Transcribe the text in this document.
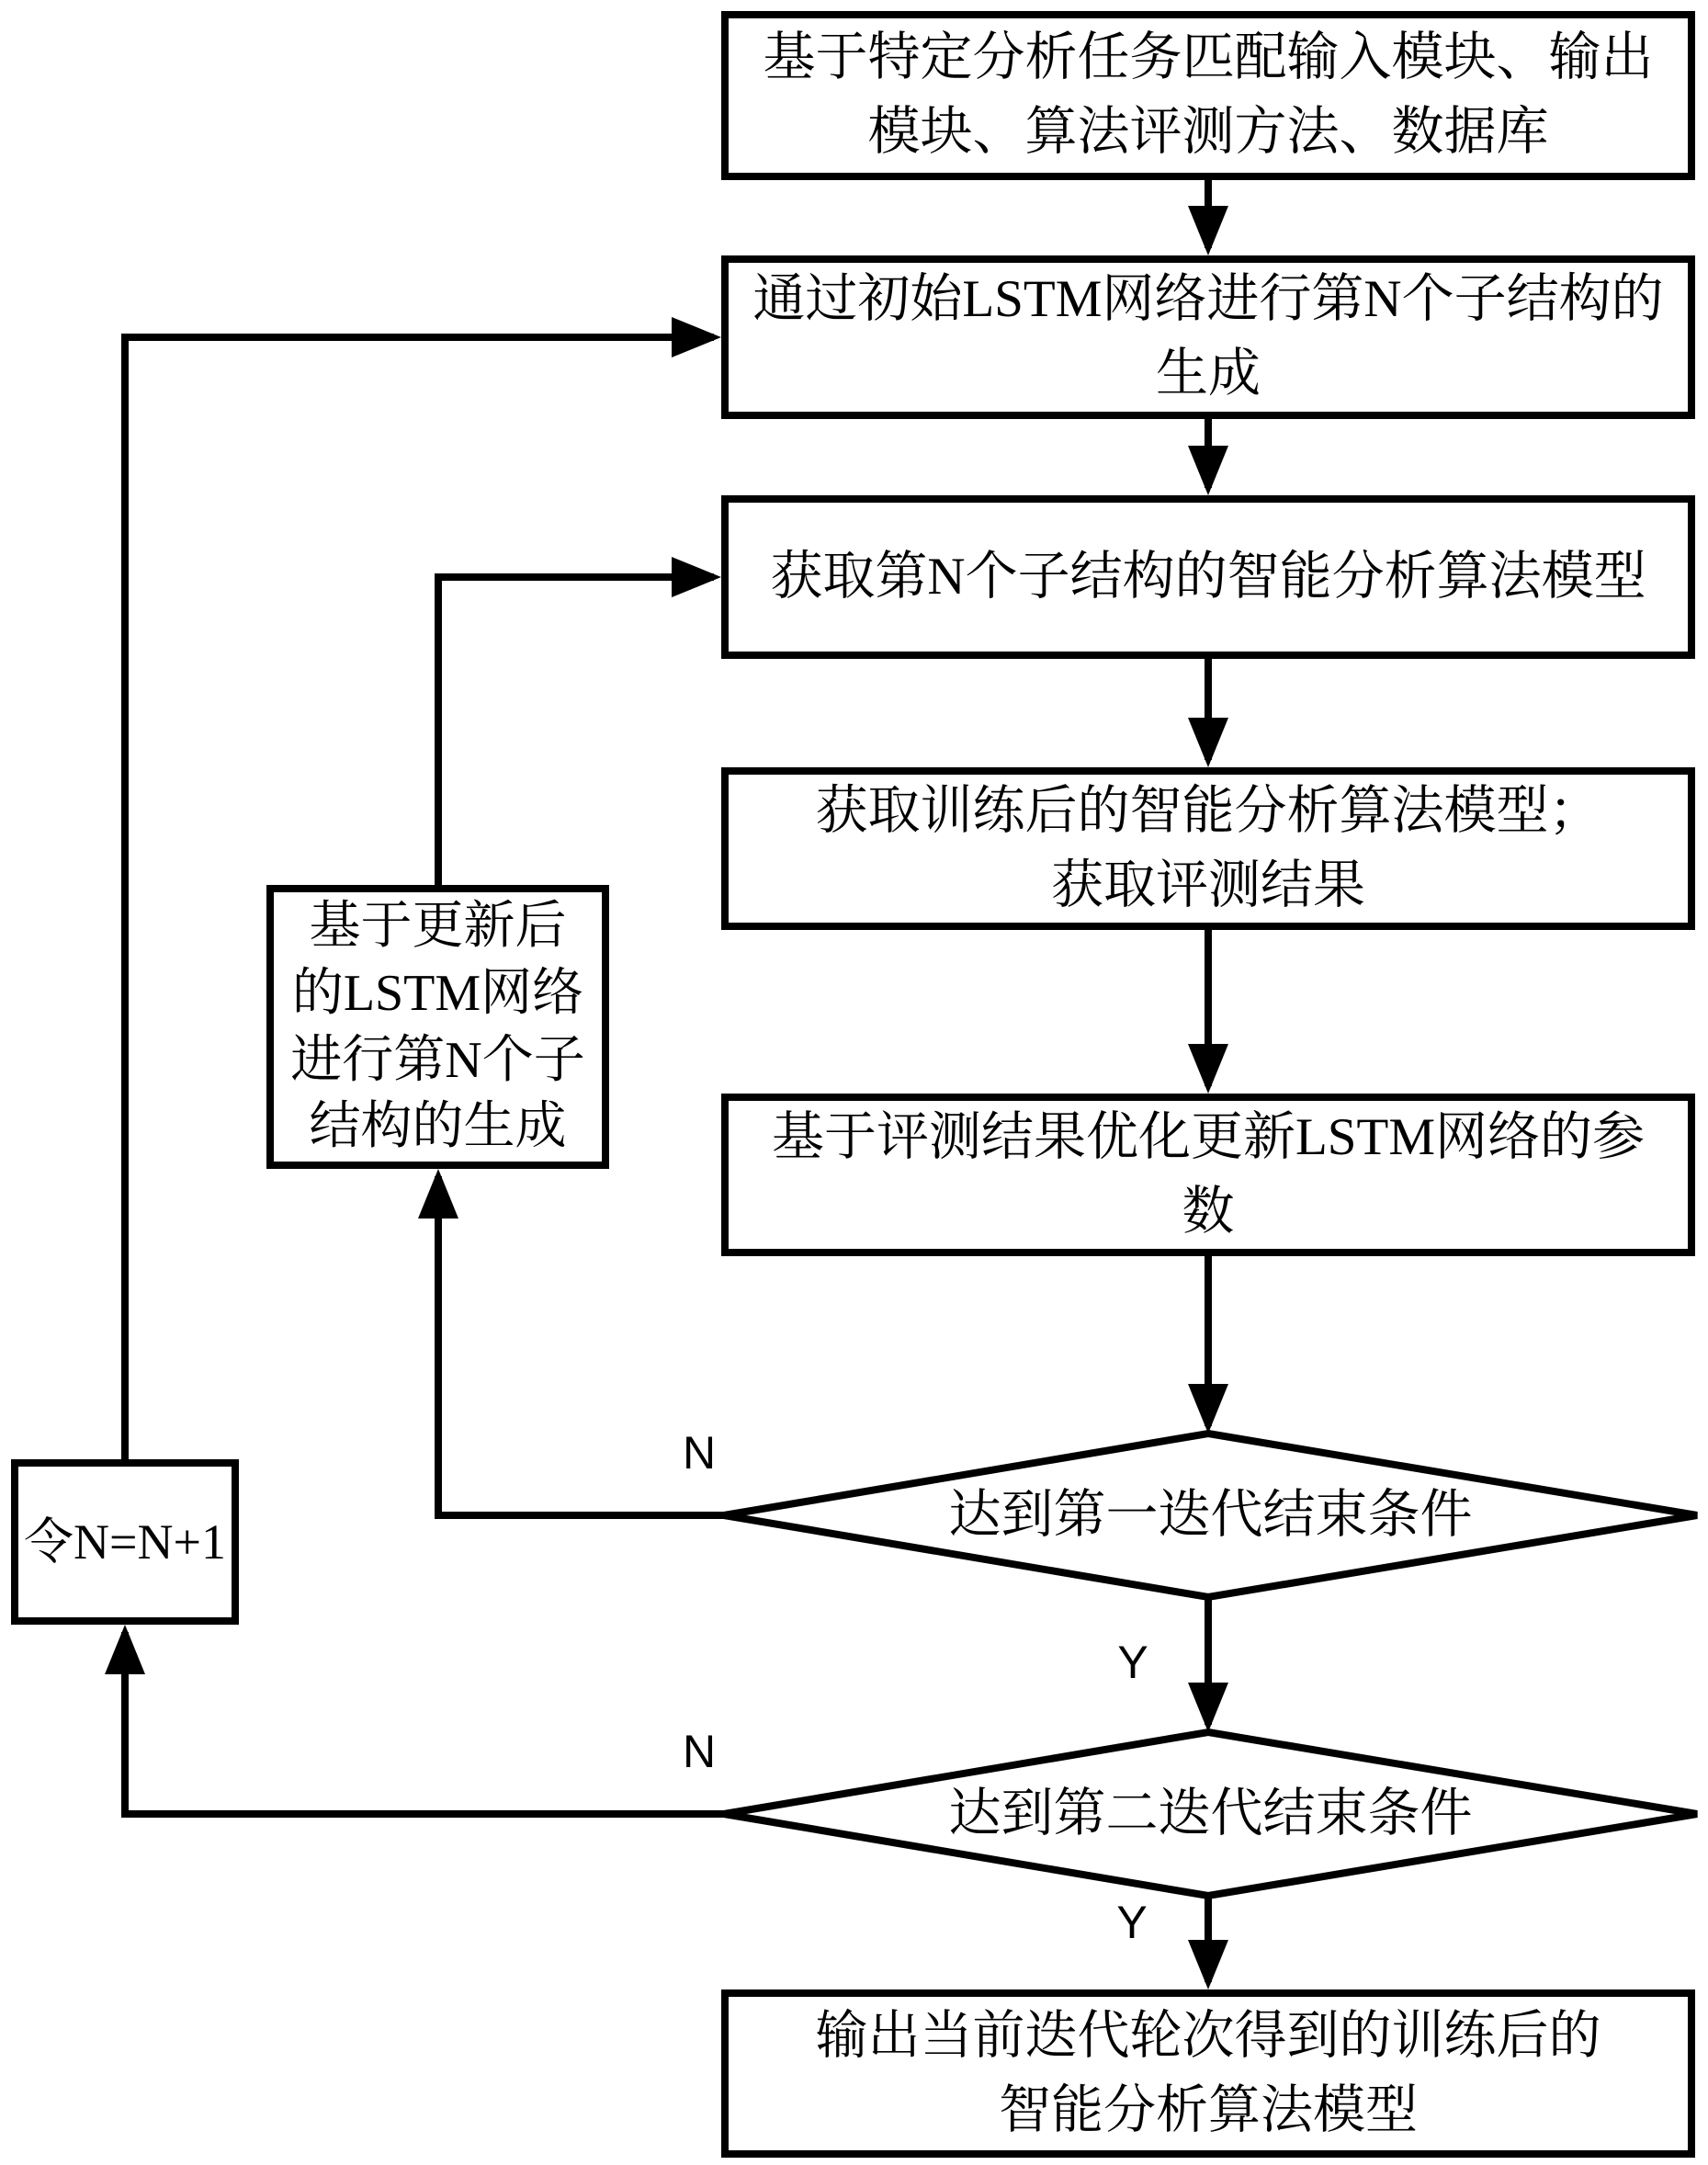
基于特定分析任务匹配输入模块、输出
模块、算法评测方法、数据库
通过初始LSTM网络进行第N个子结构的
生成
获取第N个子结构的智能分析算法模型
获取训练后的智能分析算法模型；
获取评测结果
基于评测结果优化更新LSTM网络的参
数
输出当前迭代轮次得到的训练后的
智能分析算法模型
基于更新后
的LSTM网络
进行第N个子
结构的生成
令N=N+1	达到第一迭代结束条件
达到第二迭代结束条件
N
Y
N
Y
